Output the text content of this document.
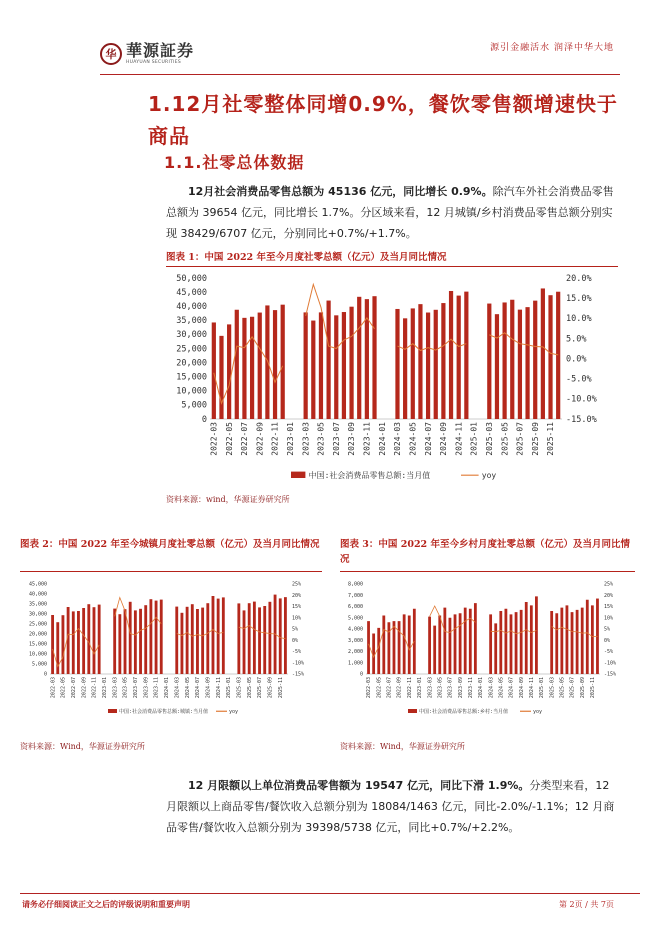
华 華源証券
HUAYUAN SECURITIES
源引金融活水 润泽中华大地
1.12月社零整体同增0.9%，餐饮零售额增速快于商品
1.1.社零总体数据
12月社会消费品零售总额为 45136 亿元，同比增长 0.9%。除汽车外社会消费品零售总额为 39654 亿元，同比增长 1.7%。分区域来看，12 月城镇/乡村消费品零售总额分别实现 38429/6707 亿元，分别同比+0.7%/+1.7%。
图表 1：中国 2022 年至今月度社零总额（亿元）及当月同比情况
50,000
45,000
40,000
35,000
30,000
25,000
20,000
15,000
10,000
5,000
0
20.0%
15.0%
10.0%
5.0%
0.0%
-5.0%
-10.0%
-15.0%
2022-03 2022-05 2022-07 2022-09 2022-11 2023-01 2023-03 2023-05 2023-07 2023-09 2023-11 2024-01 2024-03 2024-05 2024-07 2024-09 2024-11 2025-01 2025-03 2025-05 2025-07 2025-09 2025-11
中国:社会消费品零售总额:当月值	yoy
资料来源：wind，华源证券研究所
图表 2：中国 2022 年至今城镇月度社零总额（亿元）及当月同比情况
45,000
40,000
35,000
30,000
25,000
20,000
15,000
10,000
5,000
0
25%
20%
15%
10%
5%
0%
-5%
-10%
-15%
2022-03 2022-05 2022-07 2022-09 2022-11 2023-01 2023-03 2023-05 2023-07 2023-09 2023-11 2024-01 2024-03 2024-05 2024-07 2024-09 2024-11 2025-01 2025-03 2025-05 2025-07 2025-09 2025-11
中国:社会消费品零售总额:城镇:当月值	yoy
资料来源：Wind，华源证券研究所
图表 3：中国 2022 年至今乡村月度社零总额（亿元）及当月同比情况
8,000
7,000
6,000
5,000
4,000
3,000
2,000
1,000
0
25%
20%
15%
10%
5%
0%
-5%
-10%
-15%
2022-03 2022-05 2022-07 2022-09 2022-11 2023-01 2023-03 2023-05 2023-07 2023-09 2023-11 2024-01 2024-03 2024-05 2024-07 2024-09 2024-11 2025-01 2025-03 2025-05 2025-07 2025-09 2025-11
中国:社会消费品零售总额:乡村:当月值	yoy
资料来源：Wind，华源证券研究所
12 月限额以上单位消费品零售额为 19547 亿元，同比下滑 1.9%。分类型来看，12 月限额以上商品零售/餐饮收入总额分别为 18084/1463 亿元，同比-2.0%/-1.1%；12 月商品零售/餐饮收入总额分别为 39398/5738 亿元，同比+0.7%/+2.2%。
请务必仔细阅读正文之后的评级说明和重要声明	第 2页 / 共 7页
